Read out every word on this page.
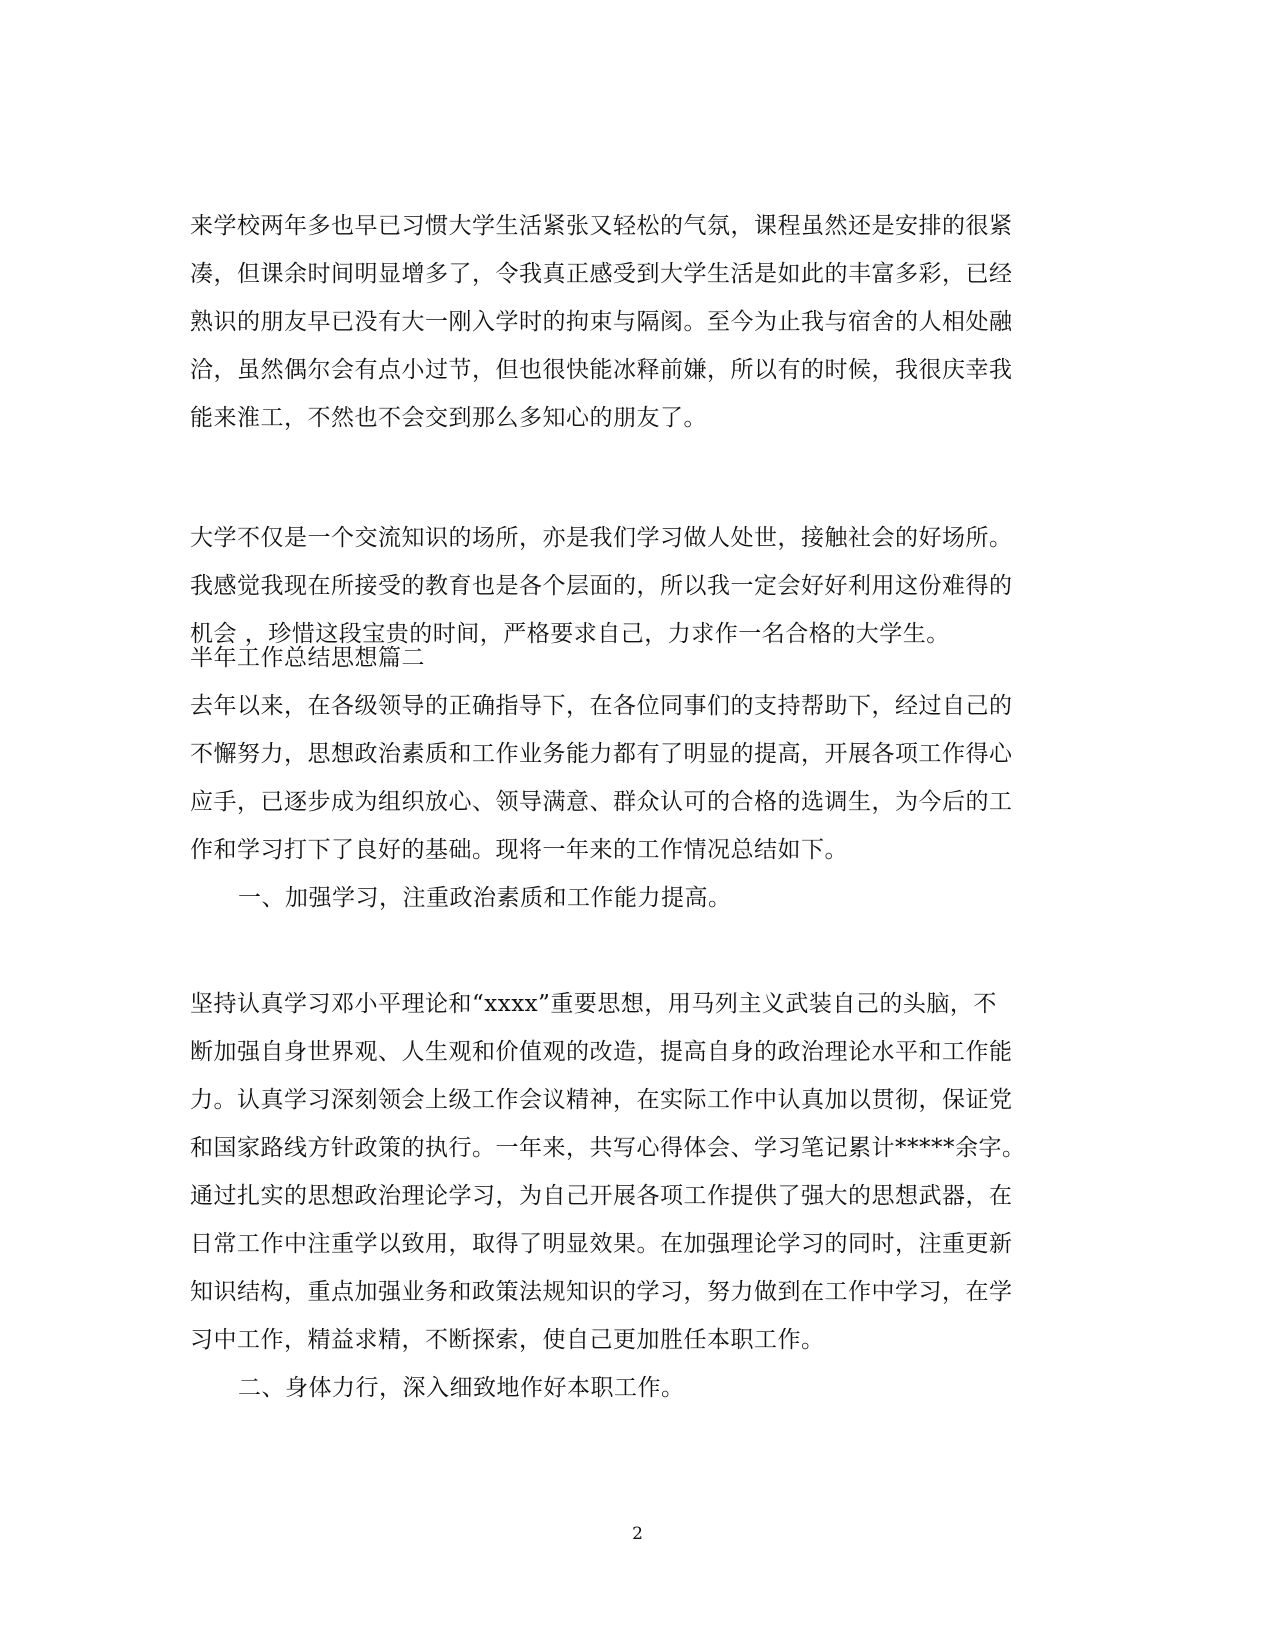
来学校两年多也早已习惯大学生活紧张又轻松的气氛，课程虽然还是安排的很紧
凑，但课余时间明显增多了，令我真正感受到大学生活是如此的丰富多彩，已经
熟识的朋友早已没有大一刚入学时的拘束与隔阂。至今为止我与宿舍的人相处融
洽，虽然偶尔会有点小过节，但也很快能冰释前嫌，所以有的时候，我很庆幸我
能来淮工，不然也不会交到那么多知心的朋友了。
大学不仅是一个交流知识的场所，亦是我们学习做人处世，接触社会的好场所。
我感觉我现在所接受的教育也是各个层面的，所以我一定会好好利用这份难得的
机会 ，珍惜这段宝贵的时间，严格要求自己，力求作一名合格的大学生。
半年工作总结思想篇二
去年以来，在各级领导的正确指导下，在各位同事们的支持帮助下，经过自己的
不懈努力，思想政治素质和工作业务能力都有了明显的提高，开展各项工作得心
应手，已逐步成为组织放心、领导满意、群众认可的合格的选调生，为今后的工
作和学习打下了良好的基础。现将一年来的工作情况总结如下。
一、加强学习，注重政治素质和工作能力提高。
坚持认真学习邓小平理论和“xxxx”重要思想，用马列主义武装自己的头脑，不
断加强自身世界观、人生观和价值观的改造，提高自身的政治理论水平和工作能
力。认真学习深刻领会上级工作会议精神，在实际工作中认真加以贯彻，保证党
和国家路线方针政策的执行。一年来，共写心得体会、学习笔记累计*****余字。
通过扎实的思想政治理论学习，为自己开展各项工作提供了强大的思想武器，在
日常工作中注重学以致用，取得了明显效果。在加强理论学习的同时，注重更新
知识结构，重点加强业务和政策法规知识的学习，努力做到在工作中学习，在学
习中工作，精益求精，不断探索，使自己更加胜任本职工作。
二、身体力行，深入细致地作好本职工作。
2
